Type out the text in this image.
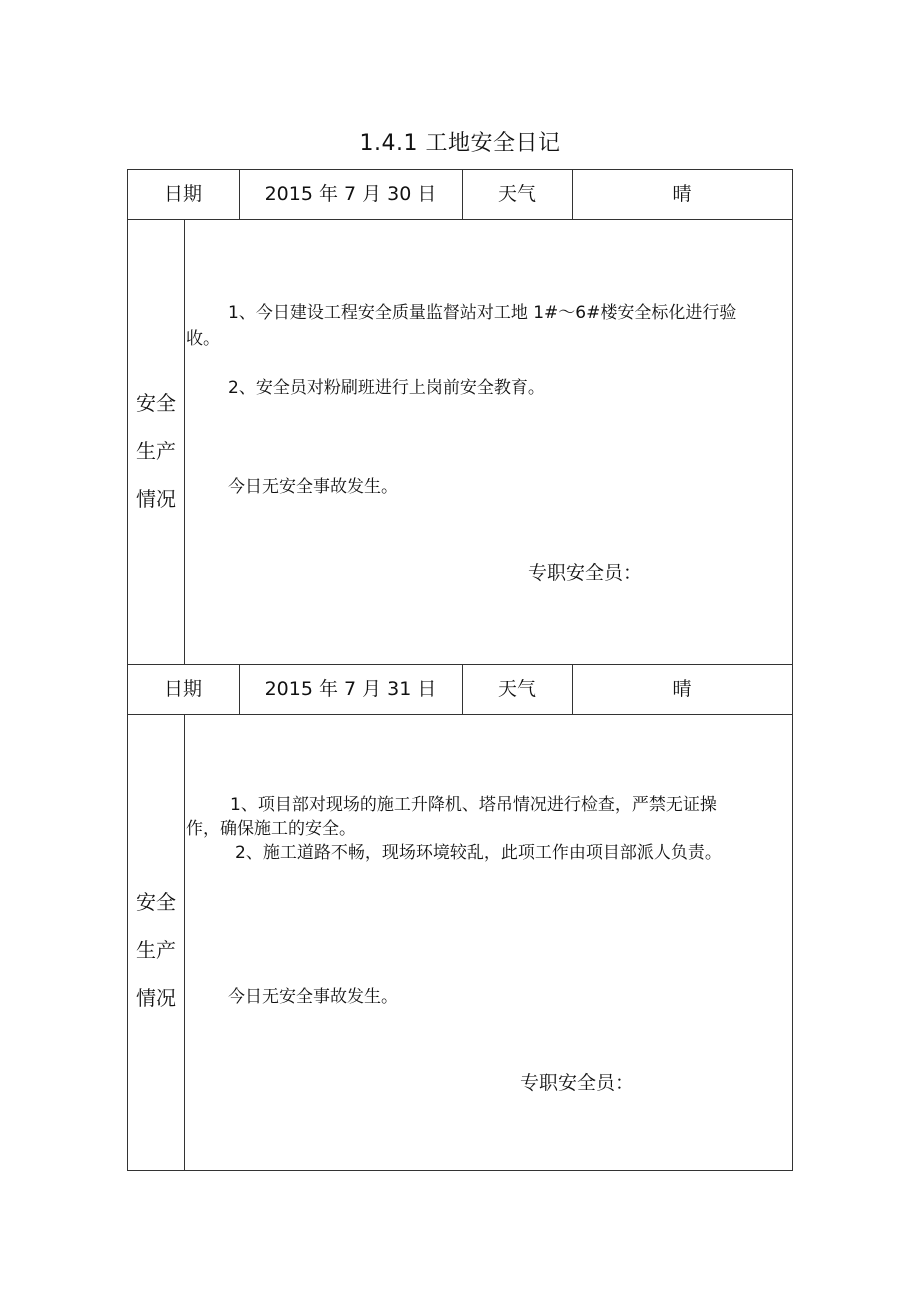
1.4.1 工地安全日记
日期	2015 年 7 月 30 日	天气	晴
安全
生产
情况
1、今日建设工程安全质量监督站对工地 1#～6#楼安全标化进行验
收。
2、安全员对粉刷班进行上岗前安全教育。
今日无安全事故发生。
专职安全员：
日期	2015 年 7 月 31 日	天气	晴
安全
生产
情况
1、项目部对现场的施工升降机、塔吊情况进行检查，严禁无证操
作，确保施工的安全。
2、施工道路不畅，现场环境较乱，此项工作由项目部派人负责。
今日无安全事故发生。
专职安全员：
